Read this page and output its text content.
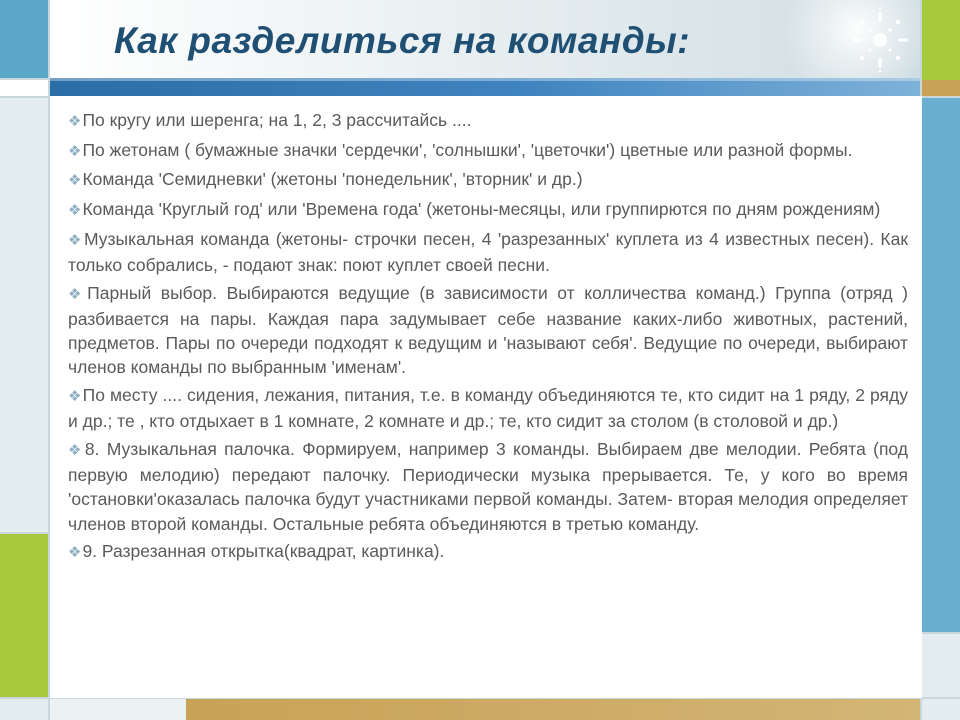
Как разделиться на команды:
❖По кругу или шеренга; на 1, 2, 3 рассчитайсь ....
❖По жетонам ( бумажные значки 'сердечки', 'солнышки', 'цветочки') цветные или разной формы.
❖Команда 'Семидневки' (жетоны 'понедельник', 'вторник' и др.)
❖Команда 'Круглый год' или 'Времена года' (жетоны-месяцы, или группирются по дням рождениям)
❖Музыкальная команда (жетоны- строчки песен, 4 'разрезанных' куплета из 4 известных песен). Как только собрались, - подают знак: поют куплет своей песни.
❖Парный выбор. Выбираются ведущие (в зависимости от колличества команд.) Группа (отряд ) разбивается на пары. Каждая пара задумывает себе название каких-либо животных, растений, предметов. Пары по очереди подходят к ведущим и 'называют себя'. Ведущие по очереди, выбирают членов команды по выбранным 'именам'.
❖По месту .... сидения, лежания, питания, т.е. в команду объединяются те, кто сидит на 1 ряду, 2 ряду и др.; те , кто отдыхает в 1 комнате, 2 комнате и др.; те, кто сидит за столом (в столовой и др.)
❖8. Музыкальная палочка. Формируем, например 3 команды. Выбираем две мелодии. Ребята (под первую мелодию) передают палочку. Периодически музыка прерывается. Те, у кого во время 'остановки'оказалась палочка будут участниками первой команды. Затем- вторая мелодия определяет членов второй команды. Остальные ребята объединяются в третью команду.
❖9. Разрезанная открытка(квадрат, картинка).
